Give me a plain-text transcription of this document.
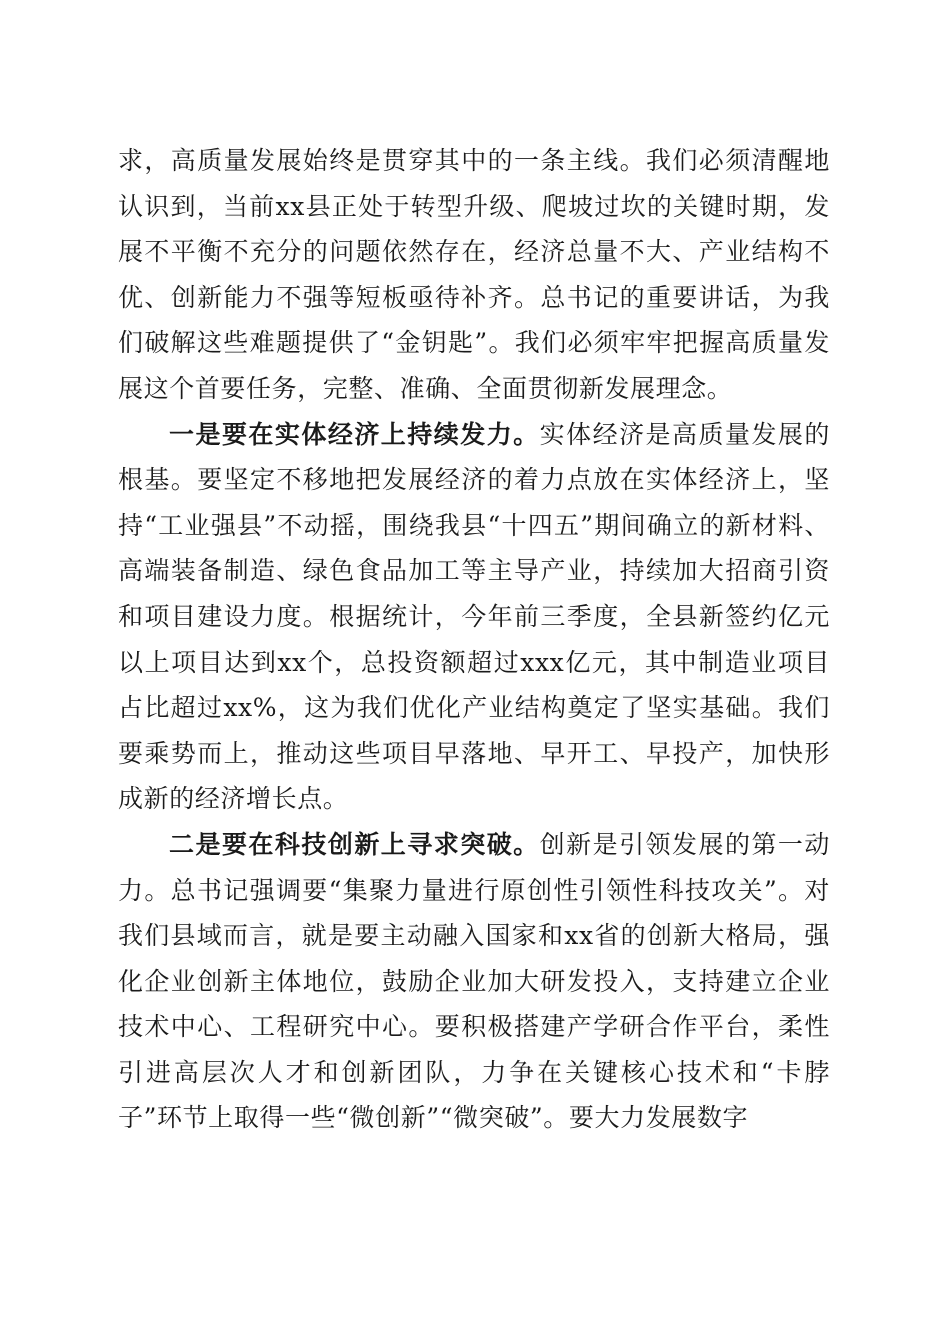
求，高质量发展始终是贯穿其中的一条主线。我们必须清醒地认识到，当前xx县正处于转型升级、爬坡过坎的关键时期，发展不平衡不充分的问题依然存在，经济总量不大、产业结构不优、创新能力不强等短板亟待补齐。总书记的重要讲话，为我们破解这些难题提供了“金钥匙”。我们必须牢牢把握高质量发展这个首要任务，完整、准确、全面贯彻新发展理念。

一是要在实体经济上持续发力。实体经济是高质量发展的根基。要坚定不移地把发展经济的着力点放在实体经济上，坚持“工业强县”不动摇，围绕我县“十四五”期间确立的新材料、高端装备制造、绿色食品加工等主导产业，持续加大招商引资和项目建设力度。根据统计，今年前三季度，全县新签约亿元以上项目达到xx个，总投资额超过xxx亿元，其中制造业项目占比超过xx%，这为我们优化产业结构奠定了坚实基础。我们要乘势而上，推动这些项目早落地、早开工、早投产，加快形成新的经济增长点。

二是要在科技创新上寻求突破。创新是引领发展的第一动力。总书记强调要“集聚力量进行原创性引领性科技攻关”。对我们县域而言，就是要主动融入国家和xx省的创新大格局，强化企业创新主体地位，鼓励企业加大研发投入，支持建立企业技术中心、工程研究中心。要积极搭建产学研合作平台，柔性引进高层次人才和创新团队，力争在关键核心技术和“卡脖子”环节上取得一些“微创新”“微突破”。要大力发展数字
